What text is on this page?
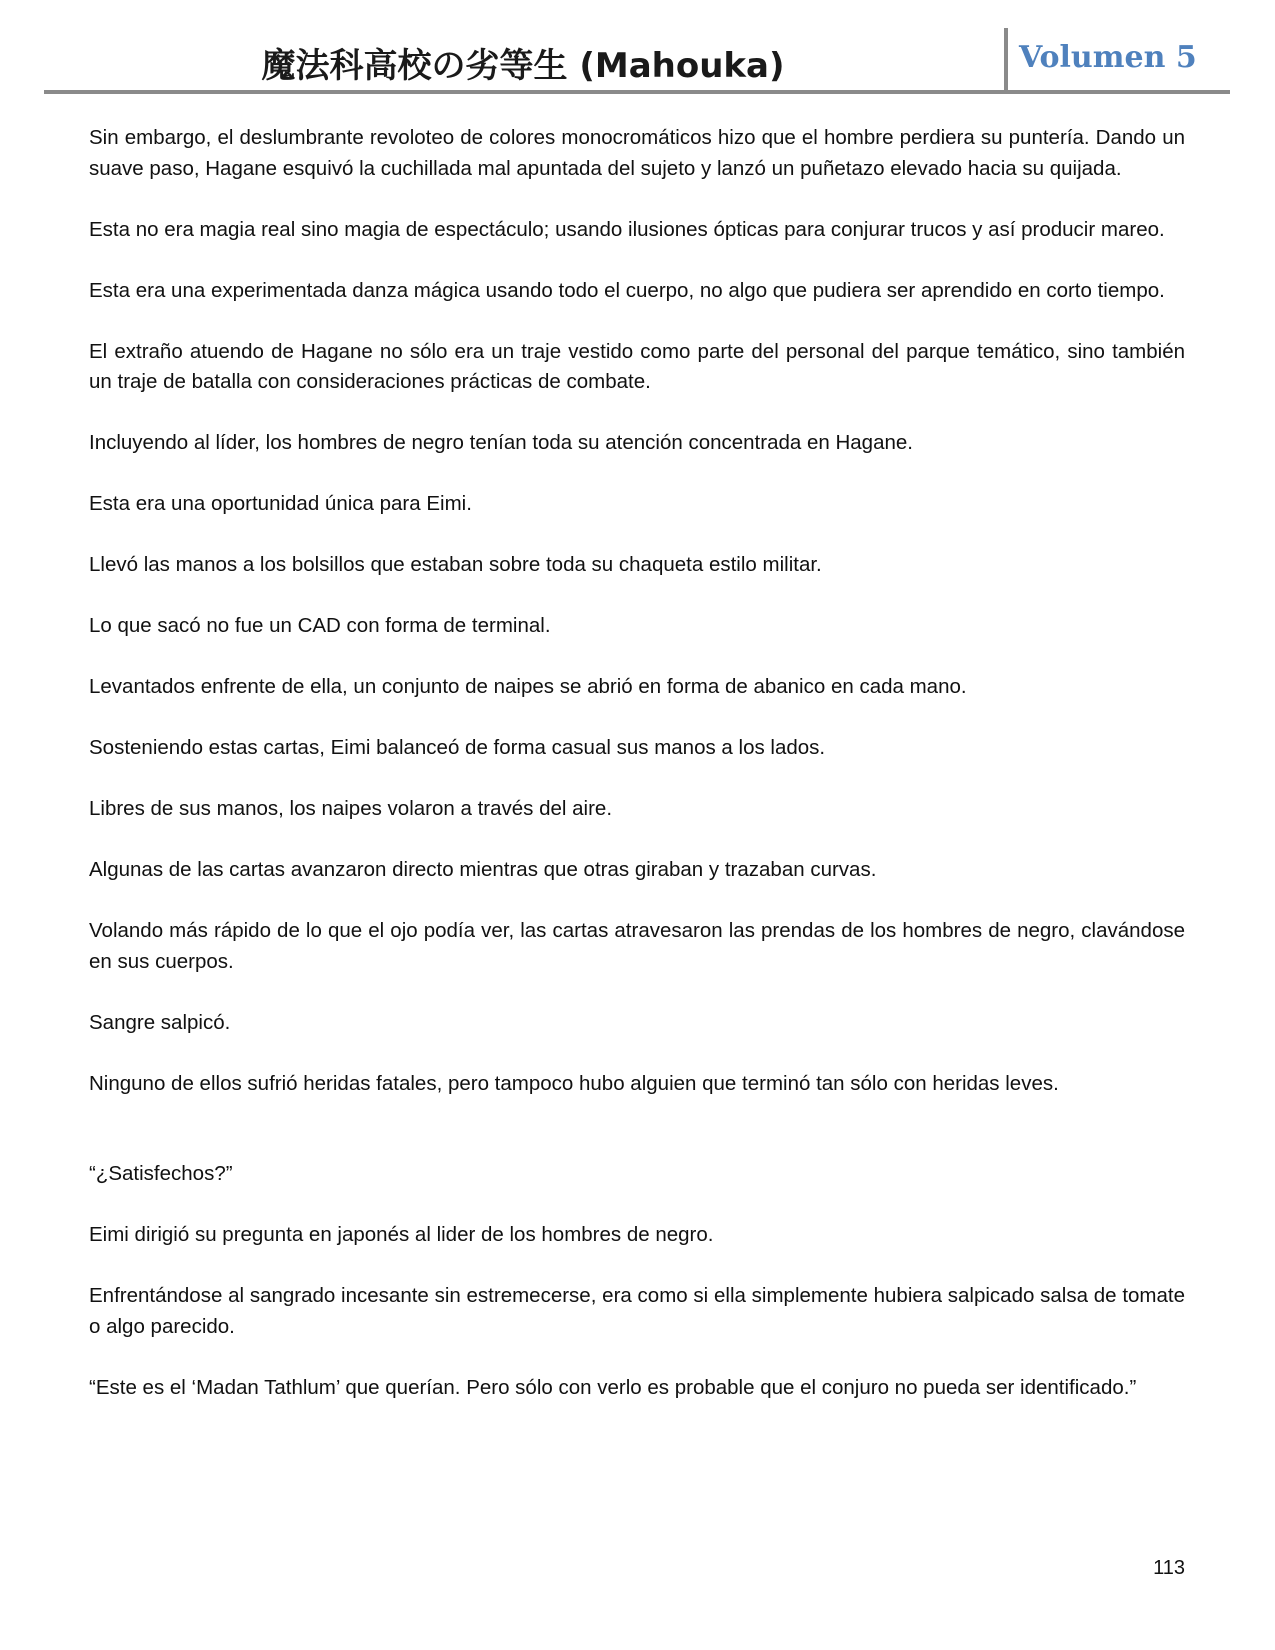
魔法科高校の劣等生 (Mahouka)	Volumen 5

Sin embargo, el deslumbrante revoloteo de colores monocromáticos hizo que el hombre perdiera su puntería. Dando un suave paso, Hagane esquivó la cuchillada mal apuntada del sujeto y lanzó un puñetazo elevado hacia su quijada.

Esta no era magia real sino magia de espectáculo; usando ilusiones ópticas para conjurar trucos y así producir mareo.

Esta era una experimentada danza mágica usando todo el cuerpo, no algo que pudiera ser aprendido en corto tiempo.

El extraño atuendo de Hagane no sólo era un traje vestido como parte del personal del parque temático, sino también un traje de batalla con consideraciones prácticas de combate.

Incluyendo al líder, los hombres de negro tenían toda su atención concentrada en Hagane.

Esta era una oportunidad única para Eimi.

Llevó las manos a los bolsillos que estaban sobre toda su chaqueta estilo militar.

Lo que sacó no fue un CAD con forma de terminal.

Levantados enfrente de ella, un conjunto de naipes se abrió en forma de abanico en cada mano.

Sosteniendo estas cartas, Eimi balanceó de forma casual sus manos a los lados.

Libres de sus manos, los naipes volaron a través del aire.

Algunas de las cartas avanzaron directo mientras que otras giraban y trazaban curvas.

Volando más rápido de lo que el ojo podía ver, las cartas atravesaron las prendas de los hombres de negro, clavándose en sus cuerpos.

Sangre salpicó.

Ninguno de ellos sufrió heridas fatales, pero tampoco hubo alguien que terminó tan sólo con heridas leves.

“¿Satisfechos?”

Eimi dirigió su pregunta en japonés al lider de los hombres de negro.

Enfrentándose al sangrado incesante sin estremecerse, era como si ella simplemente hubiera salpicado salsa de tomate o algo parecido.

“Este es el ‘Madan Tathlum’ que querían. Pero sólo con verlo es probable que el conjuro no pueda ser identificado.”

113
